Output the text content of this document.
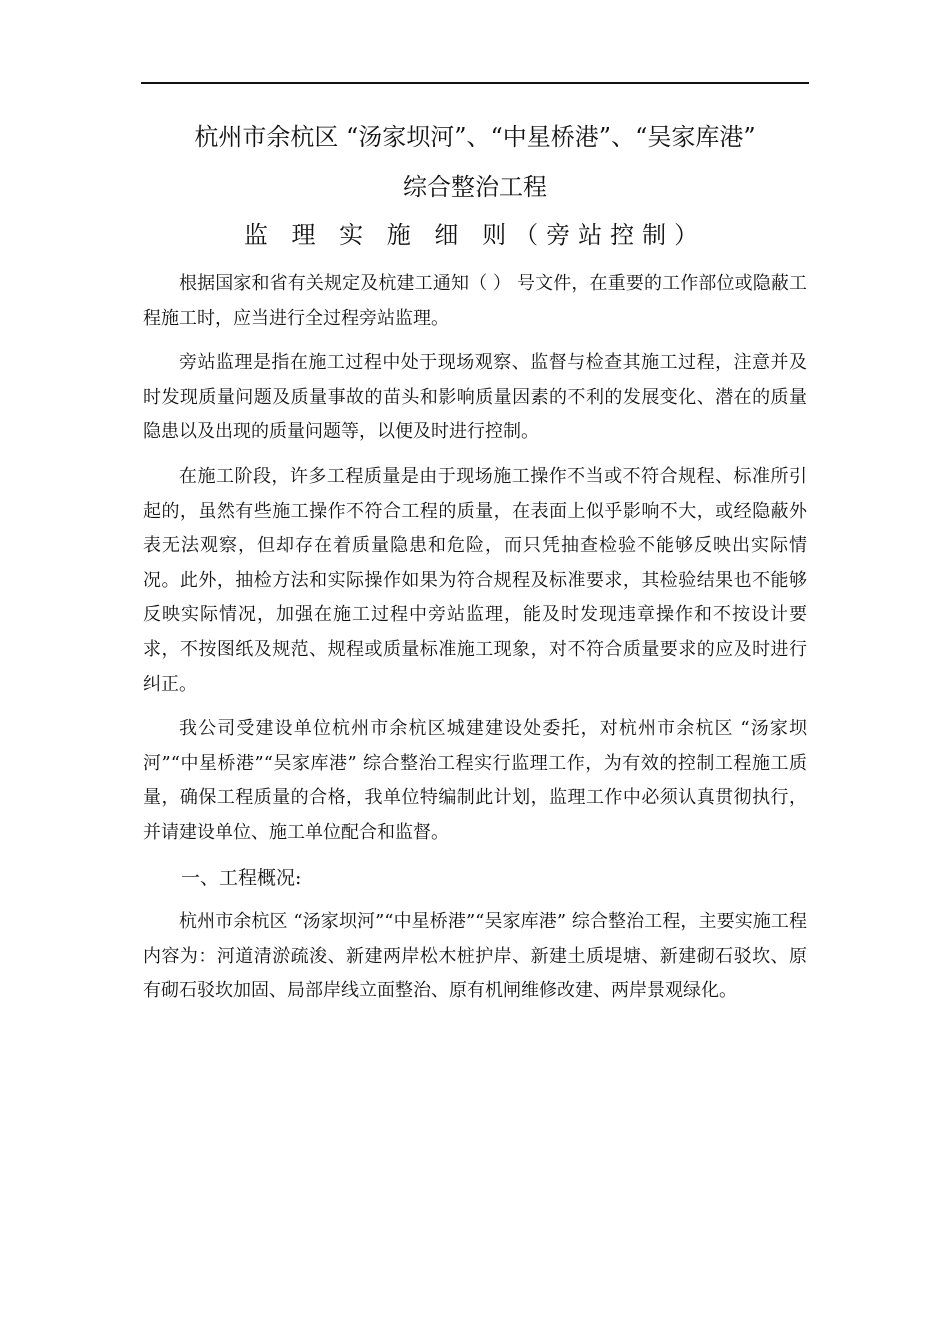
杭州市余杭区 “汤家坝河”、“中星桥港”、“吴家库港”
综合整治工程
监 理 实 施 细 则（旁站控制）

根据国家和省有关规定及杭建工通知（ ） 号文件，在重要的工作部位或隐蔽工程施工时，应当进行全过程旁站监理。

旁站监理是指在施工过程中处于现场观察、监督与检查其施工过程，注意并及时发现质量问题及质量事故的苗头和影响质量因素的不利的发展变化、潜在的质量隐患以及出现的质量问题等，以便及时进行控制。

在施工阶段，许多工程质量是由于现场施工操作不当或不符合规程、标准所引起的，虽然有些施工操作不符合工程的质量，在表面上似乎影响不大，或经隐蔽外表无法观察，但却存在着质量隐患和危险，而只凭抽查检验不能够反映出实际情况。此外，抽检方法和实际操作如果为符合规程及标准要求，其检验结果也不能够反映实际情况，加强在施工过程中旁站监理，能及时发现违章操作和不按设计要求，不按图纸及规范、规程或质量标准施工现象，对不符合质量要求的应及时进行纠正。

我公司受建设单位杭州市余杭区城建建设处委托，对杭州市余杭区 “汤家坝河”“中星桥港”“吴家库港” 综合整治工程实行监理工作，为有效的控制工程施工质量，确保工程质量的合格，我单位特编制此计划，监理工作中必须认真贯彻执行，并请建设单位、施工单位配合和监督。

一、工程概况:

杭州市余杭区 “汤家坝河”“中星桥港”“吴家库港” 综合整治工程，主要实施工程内容为：河道清淤疏浚、新建两岸松木桩护岸、新建土质堤塘、新建砌石驳坎、原有砌石驳坎加固、局部岸线立面整治、原有机闸维修改建、两岸景观绿化。
